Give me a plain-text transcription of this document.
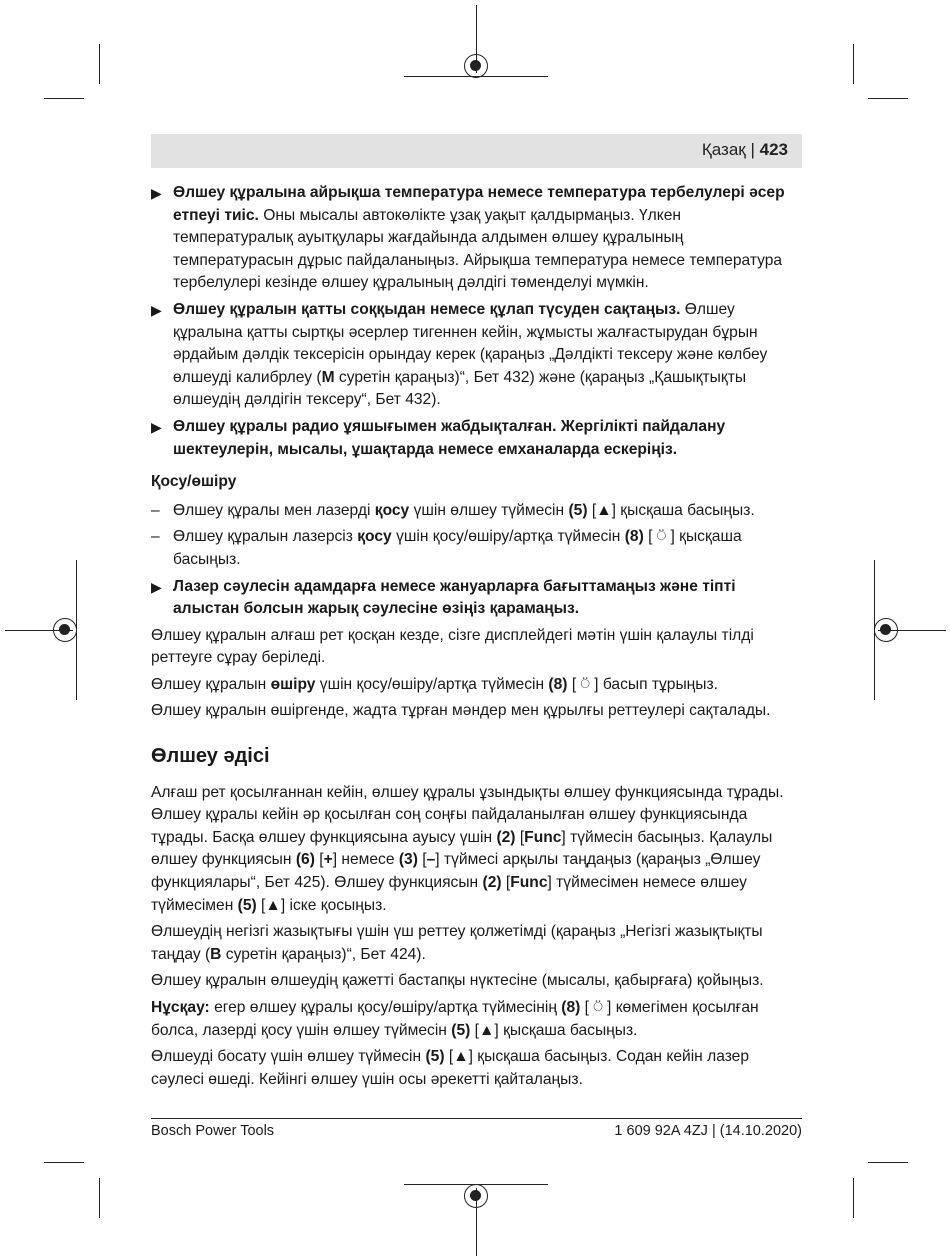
Қазақ | 423
▶ Өлшеу құралына айрықша температура немесе температура тербелулері әсер етпеуі тиіс. Оны мысалы автокөлікте ұзақ уақыт қалдырмаңыз. Үлкен температуралық ауытқулары жағдайында алдымен өлшеу құралының температурасын дұрыс пайдаланыңыз. Айрықша температура немесе температура тербелулері кезінде өлшеу құралының дәлдігі төменделуі мүмкін.
▶ Өлшеу құралын қатты соққыдан немесе құлап түсуден сақтаңыз. Өлшеу құралына қатты сыртқы әсерлер тигеннен кейін, жұмысты жалғастырудан бұрын әрдайым дәлдік тексерісін орындау керек (қараңыз „Дәлдікті тексеру және көлбеу өлшеуді калибрлеу (M суретін қараңыз)“, Бет 432) және (қараңыз „Қашықтықты өлшеудің дәлдігін тексеру“, Бет 432).
▶ Өлшеу құралы радио ұяшығымен жабдықталған. Жергілікті пайдалану шектеулерін, мысалы, ұшақтарда немесе емханаларда ескеріңіз.
Қосу/өшіру
– Өлшеу құралы мен лазерді қосу үшін өлшеу түймесін (5) [▲] қысқаша басыңыз.
– Өлшеу құралын лазерсіз қосу үшін қосу/өшіру/артқа түймесін (8) [ ⍥ ] қысқаша басыңыз.
▶ Лазер сәулесін адамдарға немесе жануарларға бағыттамаңыз және тіпті алыстан болсын жарық сәулесіне өзіңіз қарамаңыз.

Өлшеу құралын алғаш рет қосқан кезде, сізге дисплейдегі мәтін үшін қалаулы тілді реттеуге сұрау беріледі.

Өлшеу құралын өшіру үшін қосу/өшіру/артқа түймесін (8) [ ⍥ ] басып тұрыңыз.

Өлшеу құралын өшіргенде, жадта тұрған мәндер мен құрылғы реттеулері сақталады.

Өлшеу әдісі

Алғаш рет қосылғаннан кейін, өлшеу құралы ұзындықты өлшеу функциясында тұрады. Өлшеу құралы кейін әр қосылған соң соңғы пайдаланылған өлшеу функциясында тұрады. Басқа өлшеу функциясына ауысу үшін (2) [Func] түймесін басыңыз. Қалаулы өлшеу функциясын (6) [+] немесе (3) [–] түймесі арқылы таңдаңыз (қараңыз „Өлшеу функциялары“, Бет 425). Өлшеу функциясын (2) [Func] түймесімен немесе өлшеу түймесімен (5) [▲] іске қосыңыз.

Өлшеудің негізгі жазықтығы үшін үш реттеу қолжетімді (қараңыз „Негізгі жазықтықты таңдау (B суретін қараңыз)“, Бет 424).

Өлшеу құралын өлшеудің қажетті бастапқы нүктесіне (мысалы, қабырғаға) қойыңыз.

Нұсқау: егер өлшеу құралы қосу/өшіру/артқа түймесінің (8) [ ⍥ ] көмегімен қосылған болса, лазерді қосу үшін өлшеу түймесін (5) [▲] қысқаша басыңыз.

Өлшеуді босату үшін өлшеу түймесін (5) [▲] қысқаша басыңыз. Содан кейін лазер сәулесі өшеді. Кейінгі өлшеу үшін осы әрекетті қайталаңыз.

Bosch Power Tools	1 609 92A 4ZJ | (14.10.2020)
